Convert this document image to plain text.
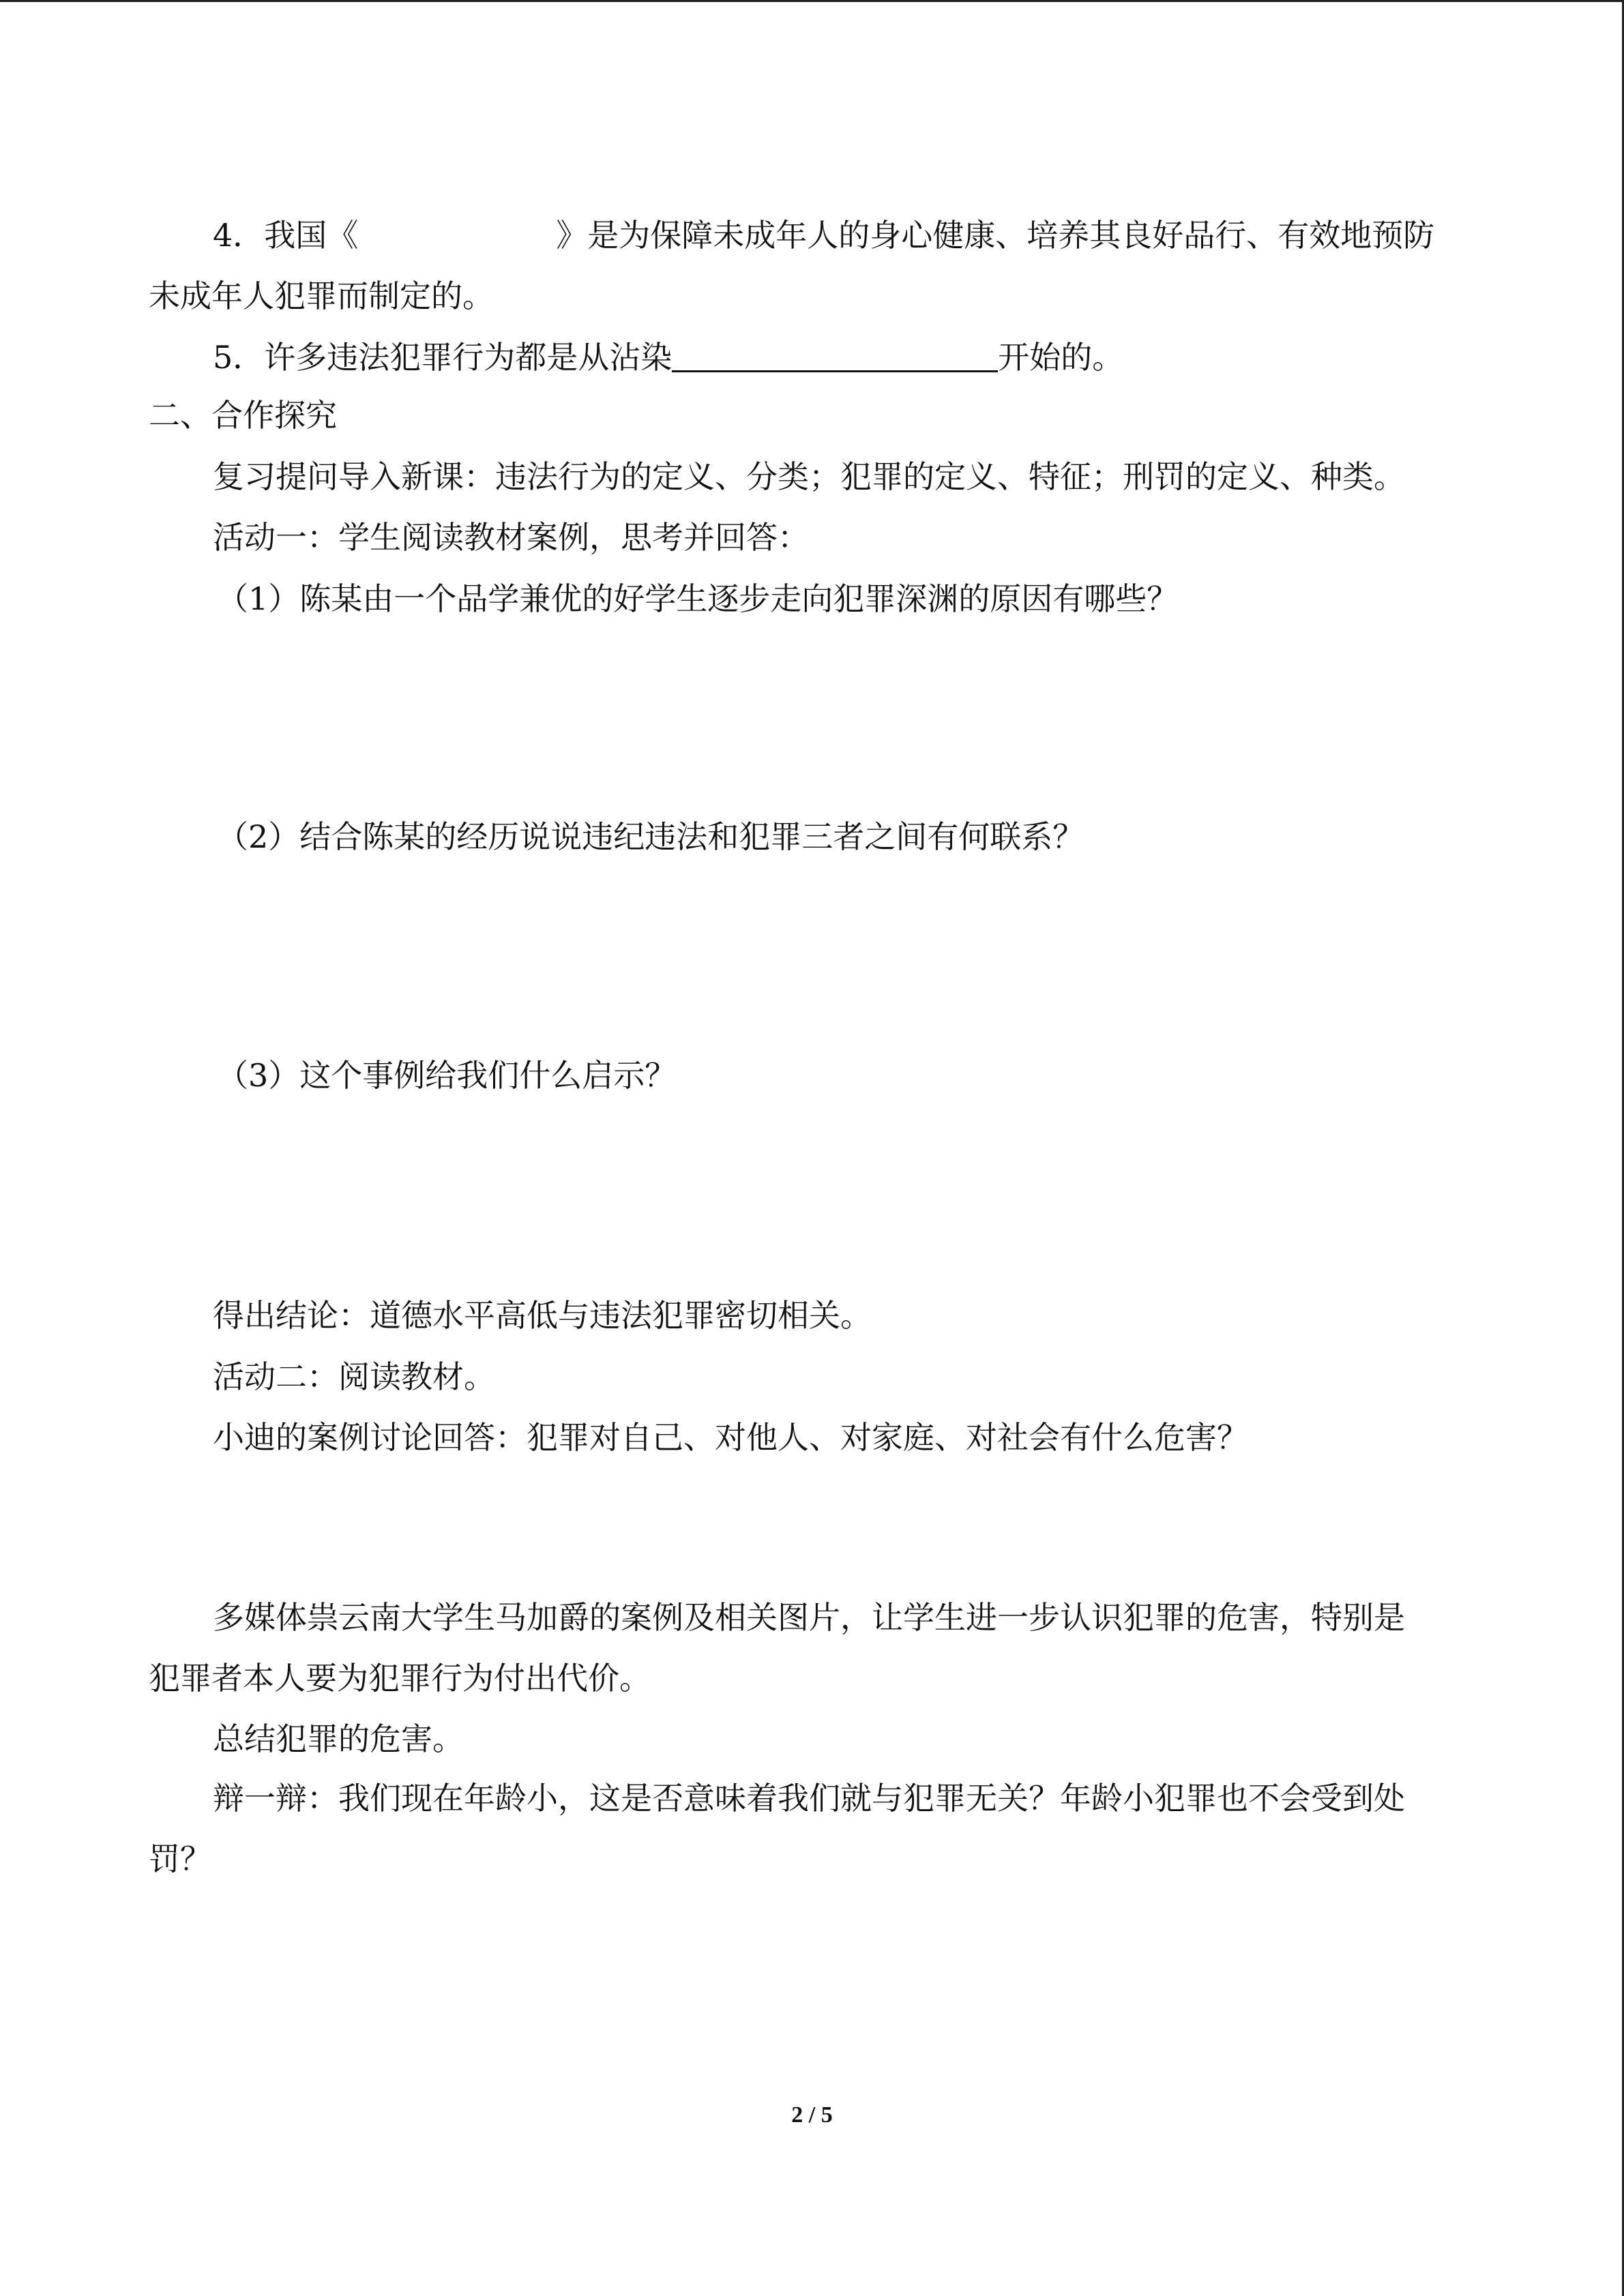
4．我国《	》是为保障未成年人的身心健康、培养其良好品行、有效地预防
未成年人犯罪而制定的。
5．许多违法犯罪行为都是从沾染	开始的。
二、合作探究
复习提问导入新课：违法行为的定义、分类；犯罪的定义、特征；刑罚的定义、种类。
活动一：学生阅读教材案例，思考并回答：
（1）陈某由一个品学兼优的好学生逐步走向犯罪深渊的原因有哪些？
（2）结合陈某的经历说说违纪违法和犯罪三者之间有何联系？
（3）这个事例给我们什么启示？
得出结论：道德水平高低与违法犯罪密切相关。
活动二：阅读教材。
小迪的案例讨论回答：犯罪对自己、对他人、对家庭、对社会有什么危害？
多媒体祟云南大学生马加爵的案例及相关图片，让学生进一步认识犯罪的危害，特别是
犯罪者本人要为犯罪行为付出代价。
总结犯罪的危害。
辩一辩：我们现在年龄小，这是否意味着我们就与犯罪无关？年龄小犯罪也不会受到处
罚？
2 / 5
